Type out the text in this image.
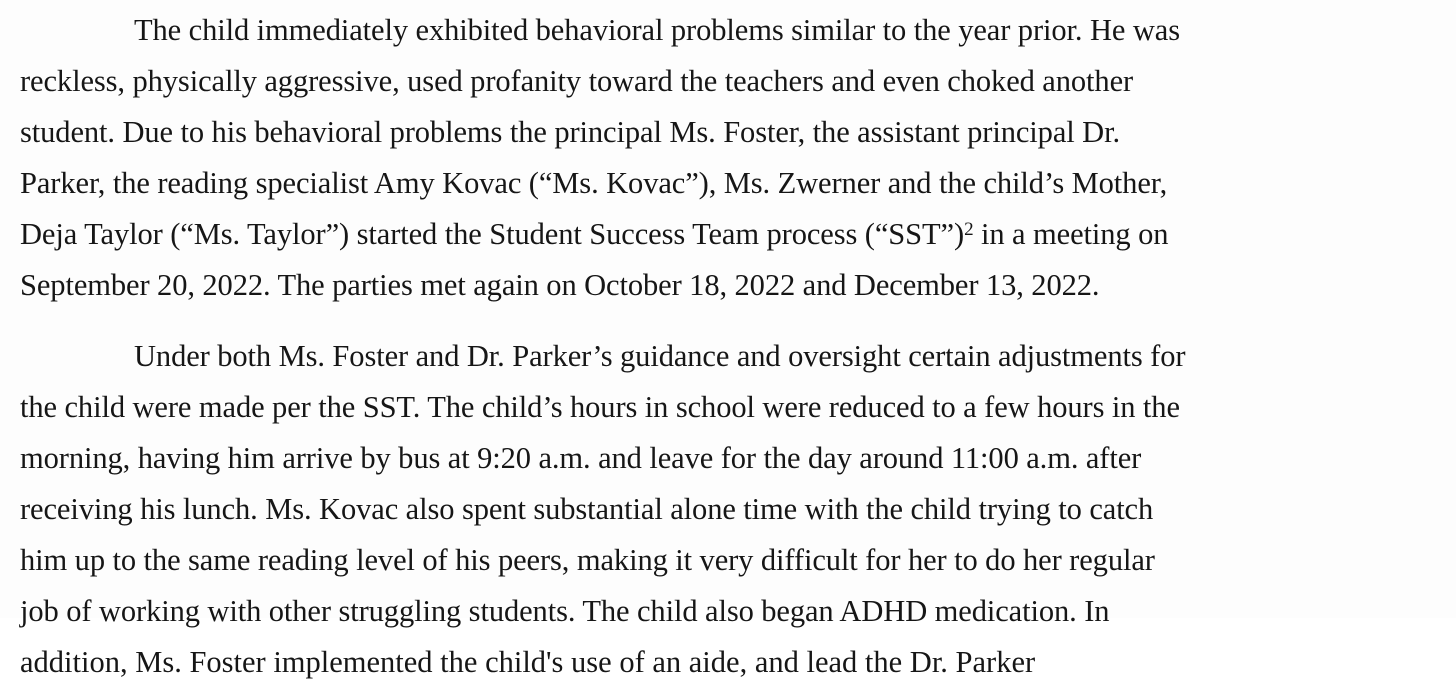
The child immediately exhibited behavioral problems similar to the year prior. He was
reckless, physically aggressive, used profanity toward the teachers and even choked another
student. Due to his behavioral problems the principal Ms. Foster, the assistant principal Dr.
Parker, the reading specialist Amy Kovac (“Ms. Kovac”), Ms. Zwerner and the child’s Mother,
Deja Taylor (“Ms. Taylor”) started the Student Success Team process (“SST”)$^2$ in a meeting on
September 20, 2022. The parties met again on October 18, 2022 and December 13, 2022.
Under both Ms. Foster and Dr. Parker’s guidance and oversight certain adjustments for
the child were made per the SST. The child’s hours in school were reduced to a few hours in the
morning, having him arrive by bus at 9:20 a.m. and leave for the day around 11:00 a.m. after
receiving his lunch. Ms. Kovac also spent substantial alone time with the child trying to catch
him up to the same reading level of his peers, making it very difficult for her to do her regular
job of working with other struggling students. The child also began ADHD medication. In
addition, Ms. Foster implemented the child's use of an aide, and lead the Dr. Parker
